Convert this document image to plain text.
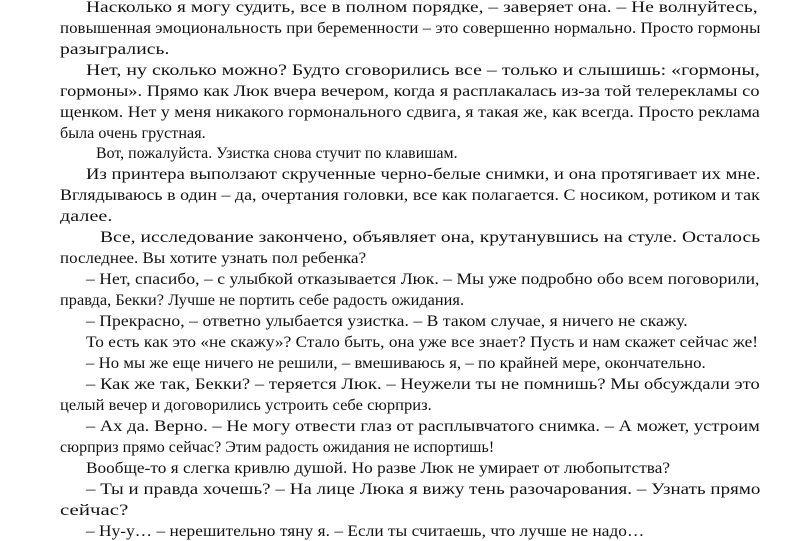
Насколько я могу судить, все в полном порядке, – заверяет она. – Не волнуйтесь,
повышенная эмоциональность при беременности – это совершенно нормально. Просто гормоны
разыгрались.
Нет, ну сколько можно? Будто сговорились все – только и слышишь: «гормоны,
гормоны». Прямо как Люк вчера вечером, когда я расплакалась из-за той телерекламы со
щенком. Нет у меня никакого гормонального сдвига, я такая же, как всегда. Просто реклама
была очень грустная.
Вот, пожалуйста. Узистка снова стучит по клавишам.
Из принтера выползают скрученные черно-белые снимки, и она протягивает их мне.
Вглядываюсь в один – да, очертания головки, все как полагается. С носиком, ротиком и так
далее.
Все, исследование закончено, объявляет она, крутанувшись на стуле. Осталось
последнее. Вы хотите узнать пол ребенка?
– Нет, спасибо, – с улыбкой отказывается Люк. – Мы уже подробно обо всем поговорили,
правда, Бекки? Лучше не портить себе радость ожидания.
– Прекрасно, – ответно улыбается узистка. – В таком случае, я ничего не скажу.
То есть как это «не скажу»? Стало быть, она уже все знает? Пусть и нам скажет сейчас же!
– Но мы же еще ничего не решили, – вмешиваюсь я, – по крайней мере, окончательно.
– Как же так, Бекки? – теряется Люк. – Неужели ты не помнишь? Мы обсуждали это
целый вечер и договорились устроить себе сюрприз.
– Ах да. Верно. – Не могу отвести глаз от расплывчатого снимка. – А может, устроим
сюрприз прямо сейчас? Этим радость ожидания не испортишь!
Вообще-то я слегка кривлю душой. Но разве Люк не умирает от любопытства?
– Ты и правда хочешь? – На лице Люка я вижу тень разочарования. – Узнать прямо
сейчас?
– Ну-у… – нерешительно тяну я. – Если ты считаешь, что лучше не надо…
